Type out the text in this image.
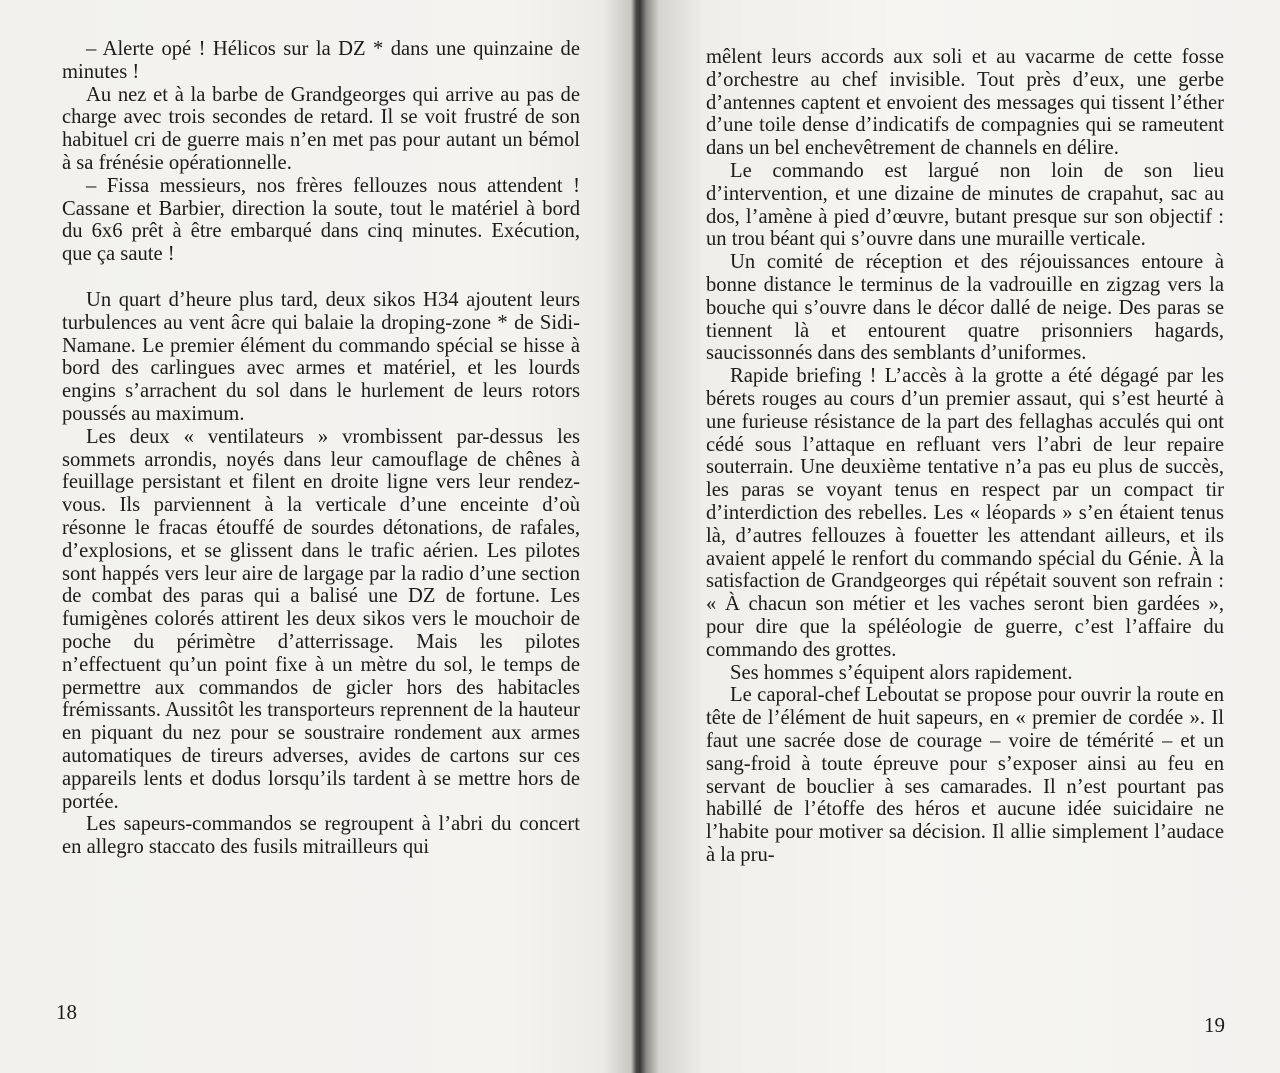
– Alerte opé ! Hélicos sur la DZ * dans une quinzaine de minutes !

Au nez et à la barbe de Grandgeorges qui arrive au pas de charge avec trois secondes de retard. Il se voit frustré de son habituel cri de guerre mais n’en met pas pour autant un bémol à sa frénésie opérationnelle.

– Fissa messieurs, nos frères fellouzes nous attendent ! Cassane et Barbier, direction la soute, tout le matériel à bord du 6x6 prêt à être embarqué dans cinq minutes. Exécution, que ça saute !

Un quart d’heure plus tard, deux sikos H34 ajoutent leurs turbulences au vent âcre qui balaie la droping-zone * de Sidi-Namane. Le premier élément du commando spécial se hisse à bord des carlingues avec armes et matériel, et les lourds engins s’arrachent du sol dans le hurlement de leurs rotors poussés au maximum.

Les deux « ventilateurs » vrombissent par-dessus les sommets arrondis, noyés dans leur camouflage de chênes à feuillage persistant et filent en droite ligne vers leur rendez-vous. Ils parviennent à la verticale d’une enceinte d’où résonne le fracas étouffé de sourdes détonations, de rafales, d’explosions, et se glissent dans le trafic aérien. Les pilotes sont happés vers leur aire de largage par la radio d’une section de combat des paras qui a balisé une DZ de fortune. Les fumigènes colorés attirent les deux sikos vers le mouchoir de poche du périmètre d’atterrissage. Mais les pilotes n’effectuent qu’un point fixe à un mètre du sol, le temps de permettre aux commandos de gicler hors des habitacles frémissants. Aussitôt les transporteurs reprennent de la hauteur en piquant du nez pour se soustraire rondement aux armes automatiques de tireurs adverses, avides de cartons sur ces appareils lents et dodus lorsqu’ils tardent à se mettre hors de portée.

Les sapeurs-commandos se regroupent à l’abri du concert en allegro staccato des fusils mitrailleurs qui

18

mêlent leurs accords aux soli et au vacarme de cette fosse d’orchestre au chef invisible. Tout près d’eux, une gerbe d’antennes captent et envoient des messages qui tissent l’éther d’une toile dense d’indicatifs de compagnies qui se rameutent dans un bel enchevêtrement de channels en délire.

Le commando est largué non loin de son lieu d’intervention, et une dizaine de minutes de crapahut, sac au dos, l’amène à pied d’œuvre, butant presque sur son objectif : un trou béant qui s’ouvre dans une muraille verticale.

Un comité de réception et des réjouissances entoure à bonne distance le terminus de la vadrouille en zigzag vers la bouche qui s’ouvre dans le décor dallé de neige. Des paras se tiennent là et entourent quatre prisonniers hagards, saucissonnés dans des semblants d’uniformes.

Rapide briefing ! L’accès à la grotte a été dégagé par les bérets rouges au cours d’un premier assaut, qui s’est heurté à une furieuse résistance de la part des fellaghas acculés qui ont cédé sous l’attaque en refluant vers l’abri de leur repaire souterrain. Une deuxième tentative n’a pas eu plus de succès, les paras se voyant tenus en respect par un compact tir d’interdiction des rebelles. Les « léopards » s’en étaient tenus là, d’autres fellouzes à fouetter les attendant ailleurs, et ils avaient appelé le renfort du commando spécial du Génie. À la satisfaction de Grandgeorges qui répétait souvent son refrain : « À chacun son métier et les vaches seront bien gardées », pour dire que la spéléologie de guerre, c’est l’affaire du commando des grottes.

Ses hommes s’équipent alors rapidement.

Le caporal-chef Leboutat se propose pour ouvrir la route en tête de l’élément de huit sapeurs, en « premier de cordée ». Il faut une sacrée dose de courage – voire de témérité – et un sang-froid à toute épreuve pour s’exposer ainsi au feu en servant de bouclier à ses camarades. Il n’est pourtant pas habillé de l’étoffe des héros et aucune idée suicidaire ne l’habite pour motiver sa décision. Il allie simplement l’audace à la pru-

19
